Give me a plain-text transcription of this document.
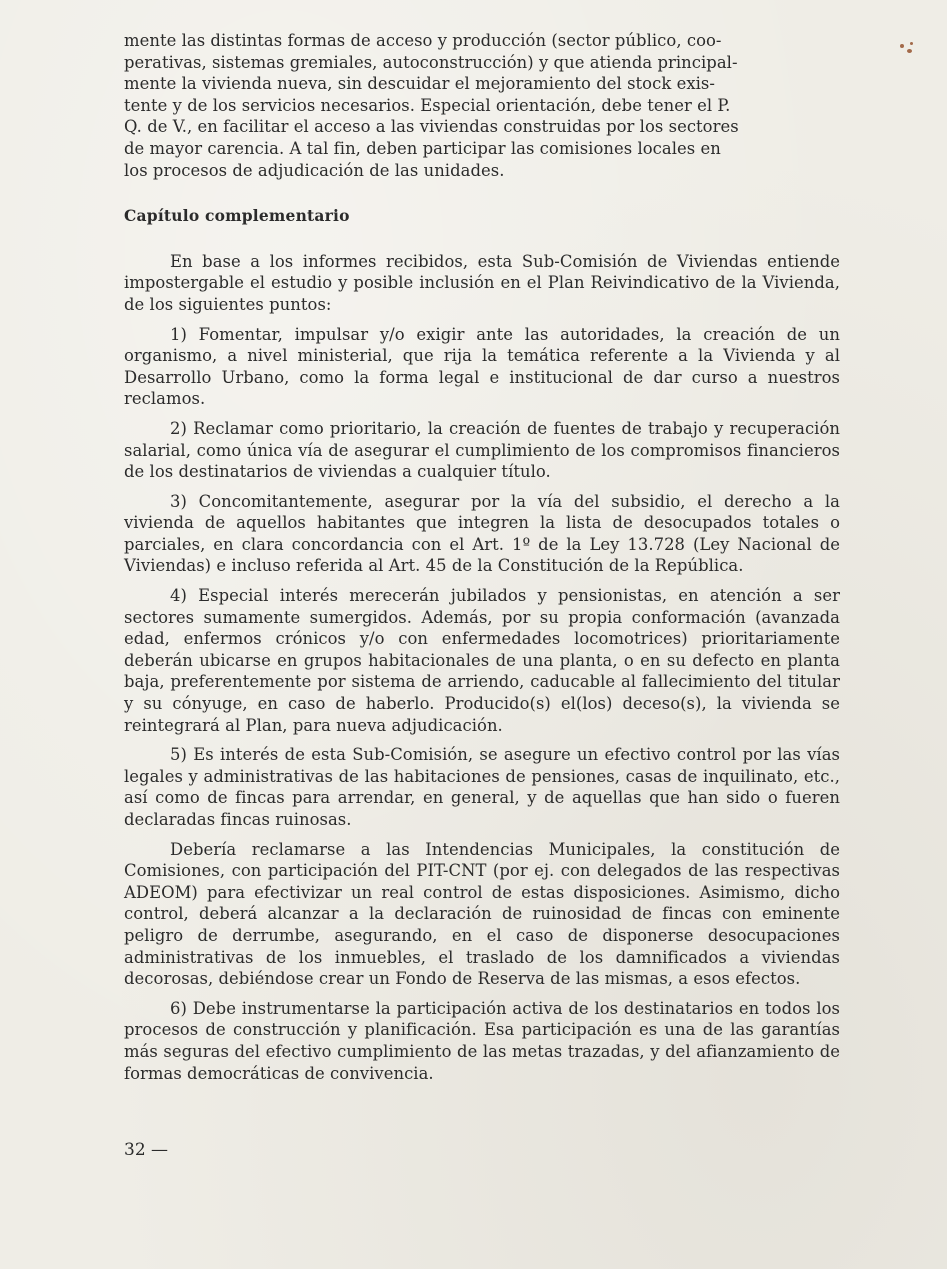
mente las distintas formas de acceso y producción (sector público, coo-

perativas, sistemas gremiales, autoconstrucción) y que atienda principal-

mente la vivienda nueva, sin descuidar el mejoramiento del stock exis-

tente y de los servicios necesarios. Especial orientación, debe tener el P.

Q. de V., en facilitar el acceso a las viviendas construidas por los sectores

de mayor carencia. A tal fin, deben participar las comisiones locales en

los procesos de adjudicación de las unidades.

Capítulo complementario

En base a los informes recibidos, esta Sub-Comisión de Viviendas entiende impostergable el estudio y posible inclusión en el Plan Reivindicativo de la Vivienda, de los siguientes puntos:

1) Fomentar, impulsar y/o exigir ante las autoridades, la creación de un organismo, a nivel ministerial, que rija la temática referente a la Vivienda y al Desarrollo Urbano, como la forma legal e institucional de dar curso a nuestros reclamos.

2) Reclamar como prioritario, la creación de fuentes de trabajo y recuperación salarial, como única vía de asegurar el cumplimiento de los compromisos financieros de los destinatarios de viviendas a cualquier título.

3) Concomitantemente, asegurar por la vía del subsidio, el derecho a la vivienda de aquellos habitantes que integren la lista de desocupados totales o parciales, en clara concordancia con el Art. 1º de la Ley 13.728 (Ley Nacional de Viviendas) e incluso referida al Art. 45 de la Constitución de la República.

4) Especial interés merecerán jubilados y pensionistas, en atención a ser sectores sumamente sumergidos. Además, por su propia conformación (avanzada edad, enfermos crónicos y/o con enfermedades locomotrices) prioritariamente deberán ubicarse en grupos habitacionales de una planta, o en su defecto en planta baja, preferentemente por sistema de arriendo, caducable al fallecimiento del titular y su cónyuge, en caso de haberlo. Producido(s) el(los) deceso(s), la vivienda se reintegrará al Plan, para nueva adjudicación.

5) Es interés de esta Sub-Comisión, se asegure un efectivo control por las vías legales y administrativas de las habitaciones de pensiones, casas de inquilinato, etc., así como de fincas para arrendar, en general, y de aquellas que han sido o fueren declaradas fincas ruinosas.

Debería reclamarse a las Intendencias Municipales, la constitución de Comisiones, con participación del PIT-CNT (por ej. con delegados de las respectivas ADEOM) para efectivizar un real control de estas disposiciones. Asimismo, dicho control, deberá alcanzar a la declaración de ruinosidad de fincas con eminente peligro de derrumbe, asegurando, en el caso de disponerse desocupaciones administrativas de los inmuebles, el traslado de los damnificados a viviendas decorosas, debiéndose crear un Fondo de Reserva de las mismas, a esos efectos.

6) Debe instrumentarse la participación activa de los destinatarios en todos los procesos de construcción y planificación. Esa participación es una de las garantías más seguras del efectivo cumplimiento de las metas trazadas, y del afianzamiento de formas democráticas de convivencia.

32 —
